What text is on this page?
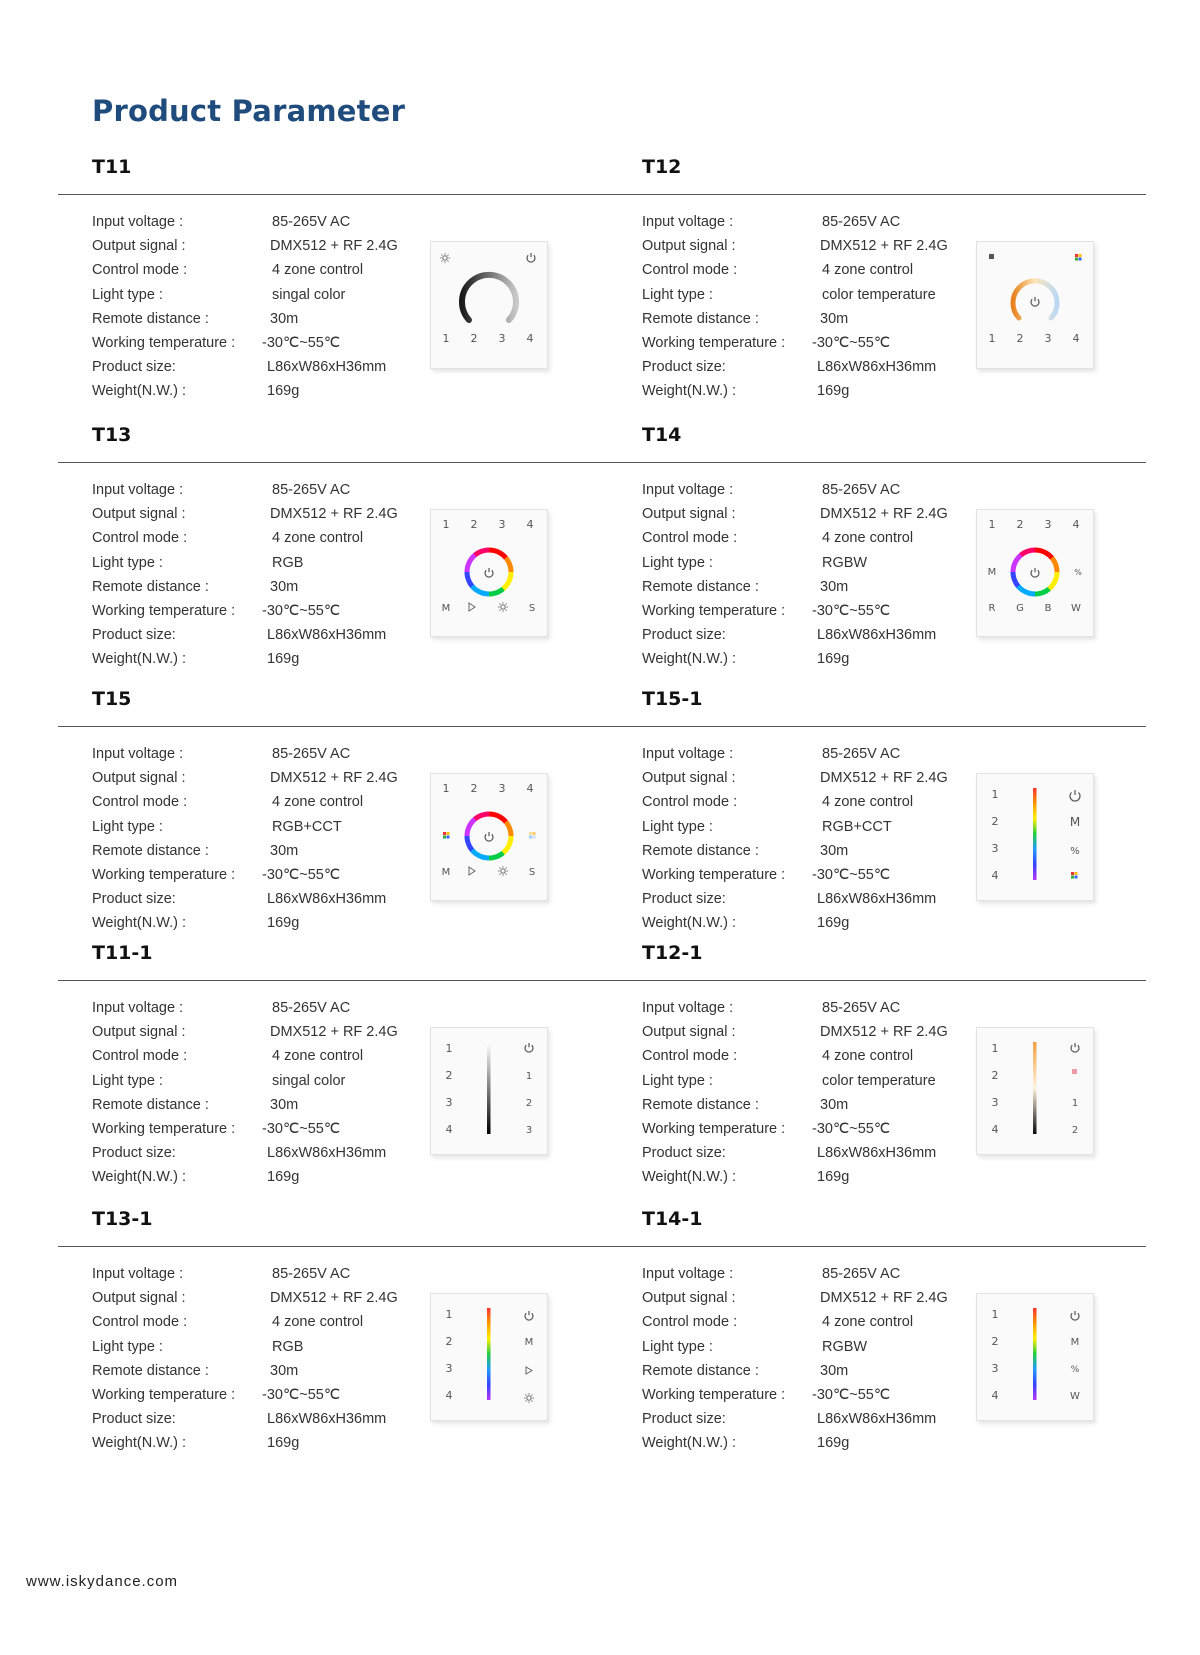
Product Parameter
T11
Input voltage :	85-265V AC
Output signal :	DMX512 + RF 2.4G
Control mode :	4 zone control
Light type :	singal color
Remote distance :	30m
Working temperature : -30℃~55℃
Product size:	L86xW86xH36mm
Weight(N.W.) :	169g
1 2 3 4
T12
Input voltage :	85-265V AC
Output signal :	DMX512 + RF 2.4G
Control mode :	4 zone control
Light type :	color temperature
Remote distance :	30m
Working temperature : -30℃~55℃
Product size:	L86xW86xH36mm
Weight(N.W.) :	169g
1 2 3 4
T13
Input voltage :	85-265V AC
Output signal :	DMX512 + RF 2.4G
Control mode :	4 zone control
Light type :	RGB
Remote distance :	30m
Working temperature : -30℃~55℃
Product size:	L86xW86xH36mm
Weight(N.W.) :	169g
1 2 3 4
M	S
T14
Input voltage :	85-265V AC
Output signal :	DMX512 + RF 2.4G
Control mode :	4 zone control
Light type :	RGBW
Remote distance :	30m
Working temperature : -30℃~55℃
Product size:	L86xW86xH36mm
Weight(N.W.) :	169g
1 2 3 4
M
R G B W
%
T15
Input voltage :	85-265V AC
Output signal :	DMX512 + RF 2.4G
Control mode :	4 zone control
Light type :	RGB+CCT
Remote distance :	30m
Working temperature : -30℃~55℃
Product size:	L86xW86xH36mm
Weight(N.W.) :	169g
1 2 3 4
M	S
T15-1
Input voltage :	85-265V AC
Output signal :	DMX512 + RF 2.4G
Control mode :	4 zone control
Light type :	RGB+CCT
Remote distance :	30m
Working temperature : -30℃~55℃
Product size:	L86xW86xH36mm
Weight(N.W.) :	169g
1
2
3
4
M
%
T11-1
Input voltage :	85-265V AC
Output signal :	DMX512 + RF 2.4G
Control mode :	4 zone control
Light type :	singal color
Remote distance :	30m
Working temperature : -30℃~55℃
Product size:	L86xW86xH36mm
Weight(N.W.) :	169g
1
2
3
4
1
2
3
T12-1
Input voltage :	85-265V AC
Output signal :	DMX512 + RF 2.4G
Control mode :	4 zone control
Light type :	color temperature
Remote distance :	30m
Working temperature : -30℃~55℃
Product size:	L86xW86xH36mm
Weight(N.W.) :	169g
1
2
3
4
1
2
T13-1
Input voltage :	85-265V AC
Output signal :	DMX512 + RF 2.4G
Control mode :	4 zone control
Light type :	RGB
Remote distance :	30m
Working temperature : -30℃~55℃
Product size:	L86xW86xH36mm
Weight(N.W.) :	169g
1
2
3
4
M
T14-1
Input voltage :	85-265V AC
Output signal :	DMX512 + RF 2.4G
Control mode :	4 zone control
Light type :	RGBW
Remote distance :	30m
Working temperature : -30℃~55℃
Product size:	L86xW86xH36mm
Weight(N.W.) :	169g
1
2
3
4
M
%
W
www.iskydance.com
